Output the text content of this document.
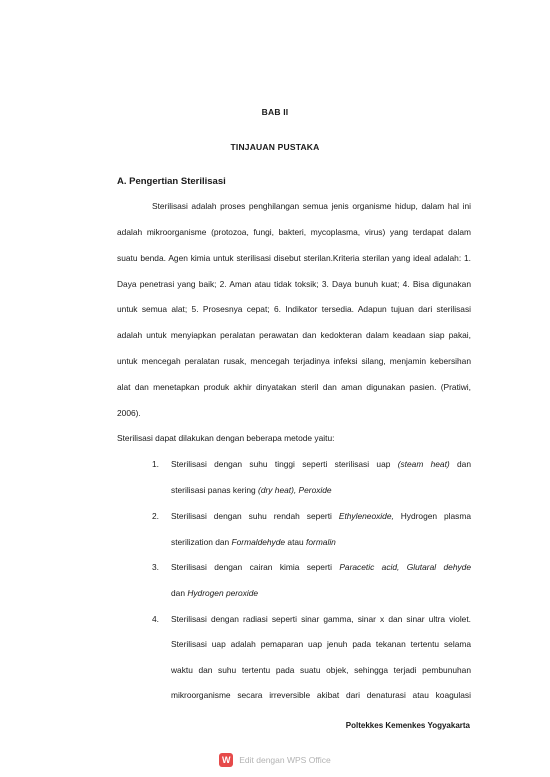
BAB II
TINJAUAN PUSTAKA
A. Pengertian Sterilisasi
Sterilisasi adalah proses penghilangan semua jenis organisme hidup, dalam hal ini
adalah mikroorganisme (protozoa, fungi, bakteri, mycoplasma, virus) yang terdapat dalam
suatu benda. Agen kimia untuk sterilisasi disebut sterilan.Kriteria sterilan yang ideal adalah: 1.
Daya penetrasi yang baik; 2. Aman atau tidak toksik; 3. Daya bunuh kuat; 4. Bisa digunakan
untuk semua alat; 5. Prosesnya cepat; 6. Indikator tersedia. Adapun tujuan dari sterilisasi
adalah untuk menyiapkan peralatan perawatan dan kedokteran dalam keadaan siap pakai,
untuk mencegah peralatan rusak, mencegah terjadinya infeksi silang, menjamin kebersihan
alat dan menetapkan produk akhir dinyatakan steril dan aman digunakan pasien. (Pratiwi,
2006).
Sterilisasi dapat dilakukan dengan beberapa metode yaitu:
1. Sterilisasi dengan suhu tinggi seperti sterilisasi uap (steam heat) dan
sterilisasi panas kering (dry heat), Peroxide
2. Sterilisasi dengan suhu rendah seperti Ethyleneoxide, Hydrogen plasma
sterilization dan Formaldehyde atau formalin
3. Sterilisasi dengan cairan kimia seperti Paracetic acid, Glutaral dehyde
dan Hydrogen peroxide
4. Sterilisasi dengan radiasi seperti sinar gamma, sinar x dan sinar ultra violet.
Sterilisasi uap adalah pemaparan uap jenuh pada tekanan tertentu selama
waktu dan suhu tertentu pada suatu objek, sehingga terjadi pembunuhan
mikroorganisme secara irreversible akibat dari denaturasi atau koagulasi
Poltekkes Kemenkes Yogyakarta
W	Edit dengan WPS Office
